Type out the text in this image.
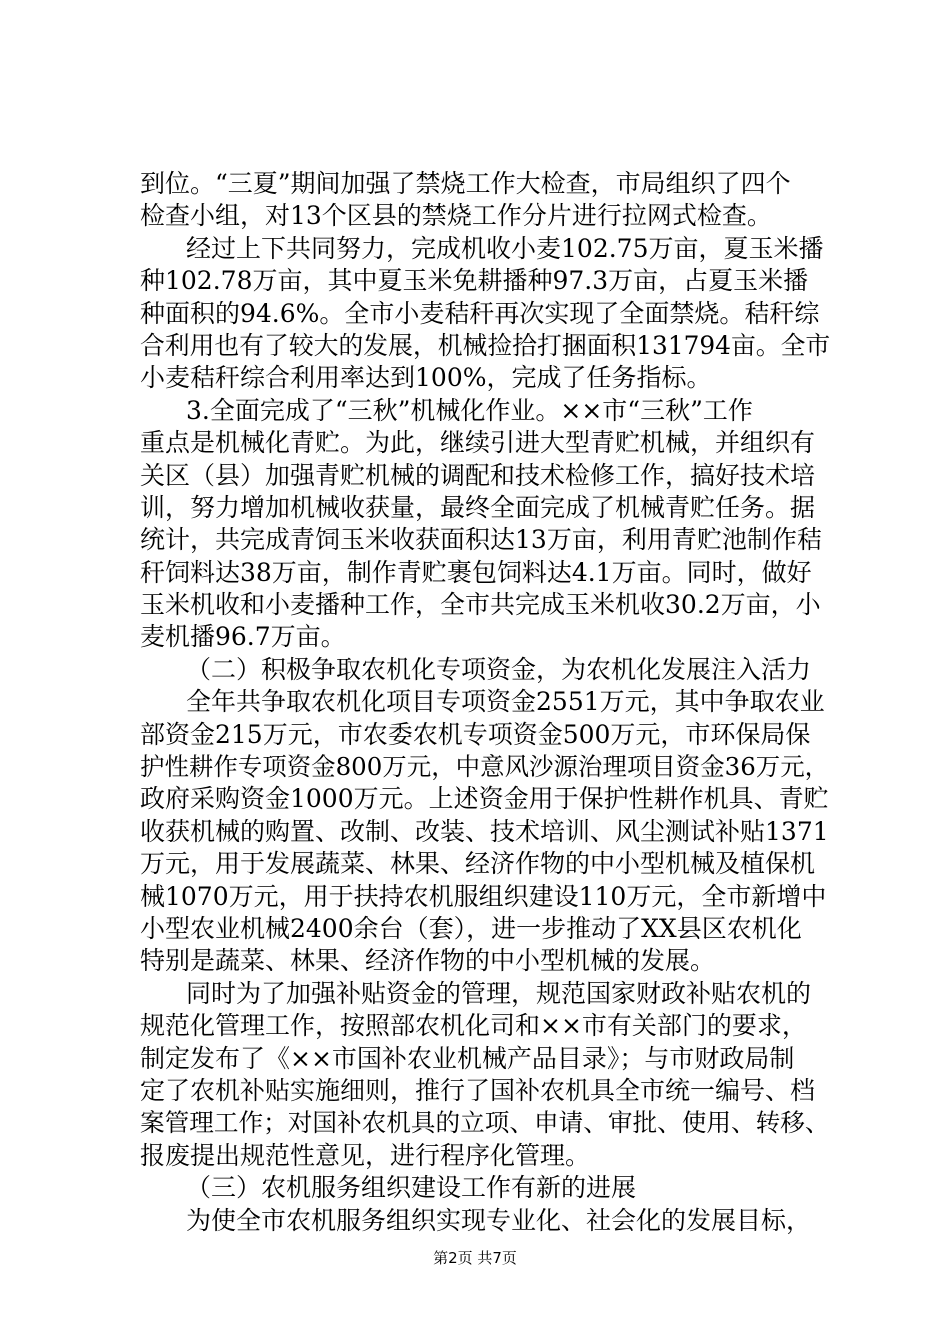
到位。“三夏”期间加强了禁烧工作大检查，市局组织了四个
检查小组，对13个区县的禁烧工作分片进行拉网式检查。
经过上下共同努力，完成机收小麦102.75万亩，夏玉米播
种102.78万亩，其中夏玉米免耕播种97.3万亩，占夏玉米播
种面积的94.6%。全市小麦秸秆再次实现了全面禁烧。秸秆综
合利用也有了较大的发展，机械捡拾打捆面积131794亩。全市
小麦秸秆综合利用率达到100%，完成了任务指标。
3.全面完成了“三秋”机械化作业。××市“三秋”工作
重点是机械化青贮。为此，继续引进大型青贮机械，并组织有
关区（县）加强青贮机械的调配和技术检修工作，搞好技术培
训，努力增加机械收获量，最终全面完成了机械青贮任务。据
统计，共完成青饲玉米收获面积达13万亩，利用青贮池制作秸
秆饲料达38万亩，制作青贮裹包饲料达4.1万亩。同时，做好
玉米机收和小麦播种工作，全市共完成玉米机收30.2万亩，小
麦机播96.7万亩。
（二）积极争取农机化专项资金，为农机化发展注入活力
全年共争取农机化项目专项资金2551万元，其中争取农业
部资金215万元，市农委农机专项资金500万元，市环保局保
护性耕作专项资金800万元，中意风沙源治理项目资金36万元，
政府采购资金1000万元。上述资金用于保护性耕作机具、青贮
收获机械的购置、改制、改装、技术培训、风尘测试补贴1371
万元，用于发展蔬菜、林果、经济作物的中小型机械及植保机
械1070万元，用于扶持农机服组织建设110万元，全市新增中
小型农业机械2400余台（套），进一步推动了XX县区农机化
特别是蔬菜、林果、经济作物的中小型机械的发展。
同时为了加强补贴资金的管理，规范国家财政补贴农机的
规范化管理工作，按照部农机化司和××市有关部门的要求，
制定发布了《××市国补农业机械产品目录》；与市财政局制
定了农机补贴实施细则，推行了国补农机具全市统一编号、档
案管理工作；对国补农机具的立项、申请、审批、使用、转移、
报废提出规范性意见，进行程序化管理。
（三）农机服务组织建设工作有新的进展
为使全市农机服务组织实现专业化、社会化的发展目标，
第2页 共7页
